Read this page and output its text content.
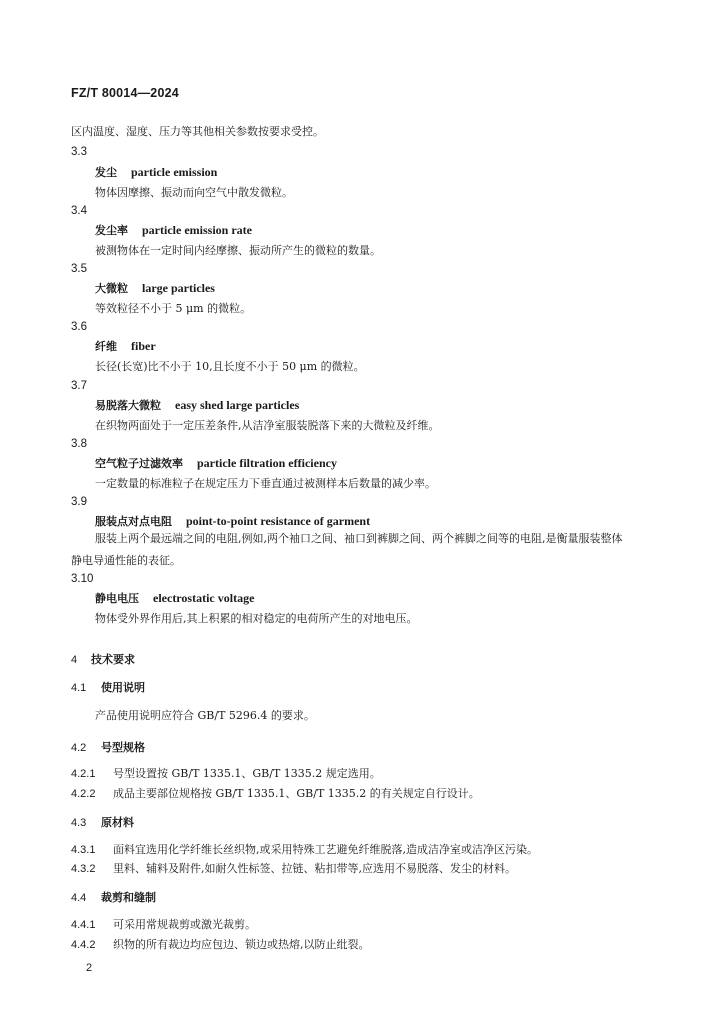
FZ/T 80014—2024
区内温度、湿度、压力等其他相关参数按要求受控。
3.3
发尘 particle emission
物体因摩擦、振动而向空气中散发微粒。
3.4
发尘率 particle emission rate
被测物体在一定时间内经摩擦、振动所产生的微粒的数量。
3.5
大微粒 large particles
等效粒径不小于 5 μm 的微粒。
3.6
纤维 fiber
长径(长宽)比不小于 10,且长度不小于 50 μm 的微粒。
3.7
易脱落大微粒 easy shed large particles
在织物两面处于一定压差条件,从洁净室服装脱落下来的大微粒及纤维。
3.8
空气粒子过滤效率 particle filtration efficiency
一定数量的标准粒子在规定压力下垂直通过被测样本后数量的减少率。
3.9
服装点对点电阻 point-to-point resistance of garment
服装上两个最远端之间的电阻,例如,两个袖口之间、袖口到裤脚之间、两个裤脚之间等的电阻,是衡量服装整体静电导通性能的表征。
3.10
静电电压 electrostatic voltage
物体受外界作用后,其上积累的相对稳定的电荷所产生的对地电压。
4 技术要求
4.1 使用说明
产品使用说明应符合 GB/T 5296.4 的要求。
4.2 号型规格
4.2.1 号型设置按 GB/T 1335.1、GB/T 1335.2 规定选用。
4.2.2 成品主要部位规格按 GB/T 1335.1、GB/T 1335.2 的有关规定自行设计。
4.3 原材料
4.3.1 面料宜选用化学纤维长丝织物,或采用特殊工艺避免纤维脱落,造成洁净室或洁净区污染。
4.3.2 里料、辅料及附件,如耐久性标签、拉链、粘扣带等,应选用不易脱落、发尘的材料。
4.4 裁剪和缝制
4.4.1 可采用常规裁剪或激光裁剪。
4.4.2 织物的所有裁边均应包边、锁边或热熔,以防止纰裂。
2
